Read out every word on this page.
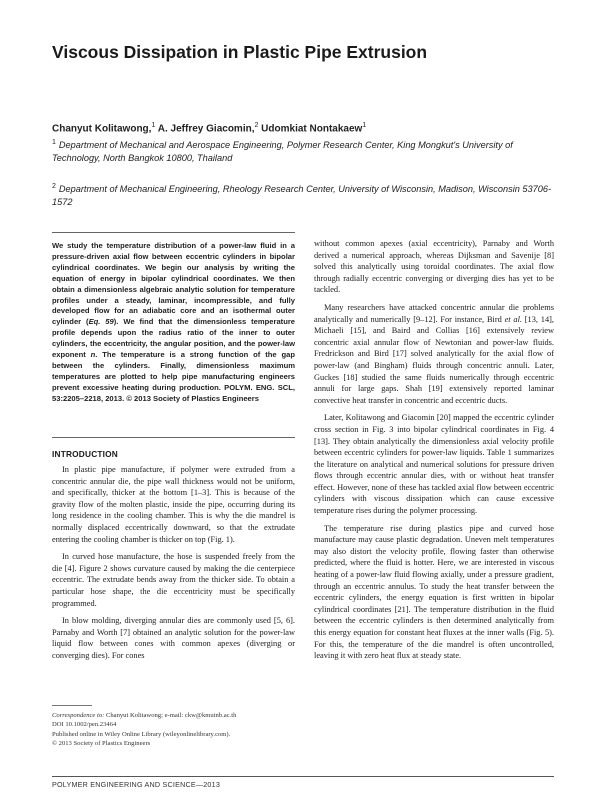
Viscous Dissipation in Plastic Pipe Extrusion
Chanyut Kolitawong,$^1$ A. Jeffrey Giacomin,$^2$ Udomkiat Nontakaew$^1$
$^1$ Department of Mechanical and Aerospace Engineering, Polymer Research Center, King Mongkut's University of Technology, North Bangkok 10800, Thailand
$^2$ Department of Mechanical Engineering, Rheology Research Center, University of Wisconsin, Madison, Wisconsin 53706-1572

We study the temperature distribution of a power-law fluid in a pressure-driven axial flow between eccentric cylinders in bipolar cylindrical coordinates. We begin our analysis by writing the equation of energy in bipolar cylindrical coordinates. We then obtain a dimensionless algebraic analytic solution for temperature profiles under a steady, laminar, incompressible, and fully developed flow for an adiabatic core and an isothermal outer cylinder (Eq. 59). We find that the dimensionless temperature profile depends upon the radius ratio of the inner to outer cylinders, the eccentricity, the angular position, and the power-law exponent n. The temperature is a strong function of the gap between the cylinders. Finally, dimensionless maximum temperatures are plotted to help pipe manufacturing engineers prevent excessive heating during production. POLYM. ENG. SCL, 53:2205–2218, 2013. © 2013 Society of Plastics Engineers

INTRODUCTION

In plastic pipe manufacture, if polymer were extruded from a concentric annular die, the pipe wall thickness would not be uniform, and specifically, thicker at the bottom [1–3]. This is because of the gravity flow of the molten plastic, inside the pipe, occurring during its long residence in the cooling chamber. This is why the die mandrel is normally displaced eccentrically downward, so that the extrudate entering the cooling chamber is thicker on top (Fig. 1).

In curved hose manufacture, the hose is suspended freely from the die [4]. Figure 2 shows curvature caused by making the die centerpiece eccentric. The extrudate bends away from the thicker side. To obtain a particular hose shape, the die eccentricity must be specifically programmed.

In blow molding, diverging annular dies are commonly used [5, 6]. Parnaby and Worth [7] obtained an analytic solution for the power-law liquid flow between cones with common apexes (diverging or converging dies). For cones

without common apexes (axial eccentricity), Parnaby and Worth derived a numerical approach, whereas Dijksman and Savenije [8] solved this analytically using toroidal coordinates. The axial flow through radially eccentric converging or diverging dies has yet to be tackled.

Many researchers have attacked concentric annular die problems analytically and numerically [9–12]. For instance, Bird et al. [13, 14], Michaeli [15], and Baird and Collias [16] extensively review concentric axial annular flow of Newtonian and power-law fluids. Fredrickson and Bird [17] solved analytically for the axial flow of power-law (and Bingham) fluids through concentric annuli. Later, Guckes [18] studied the same fluids numerically through eccentric annuli for large gaps. Shah [19] extensively reported laminar convective heat transfer in concentric and eccentric ducts.

Later, Kolitawong and Giacomin [20] mapped the eccentric cylinder cross section in Fig. 3 into bipolar cylindrical coordinates in Fig. 4 [13]. They obtain analytically the dimensionless axial velocity profile between eccentric cylinders for power-law liquids. Table 1 summarizes the literature on analytical and numerical solutions for pressure driven flows through eccentric annular dies, with or without heat transfer effect. However, none of these has tackled axial flow between eccentric cylinders with viscous dissipation which can cause excessive temperature rises during the polymer processing.

The temperature rise during plastics pipe and curved hose manufacture may cause plastic degradation. Uneven melt temperatures may also distort the velocity profile, flowing faster than otherwise predicted, where the fluid is hotter. Here, we are interested in viscous heating of a power-law fluid flowing axially, under a pressure gradient, through an eccentric annulus. To study the heat transfer between the eccentric cylinders, the energy equation is first written in bipolar cylindrical coordinates [21]. The temperature distribution in the fluid between the eccentric cylinders is then determined analytically from this energy equation for constant heat fluxes at the inner walls (Fig. 5). For this, the temperature of the die mandrel is often uncontrolled, leaving it with zero heat flux at steady state.

Correspondence to: Chanyut Kolitawong; e-mail: ckw@kmutnb.ac.th
DOI 10.1002/pen.23464
Published online in Wiley Online Library (wileyonlinelibrary.com).
© 2013 Society of Plastics Engineers
POLYMER ENGINEERING AND SCIENCE—2013
